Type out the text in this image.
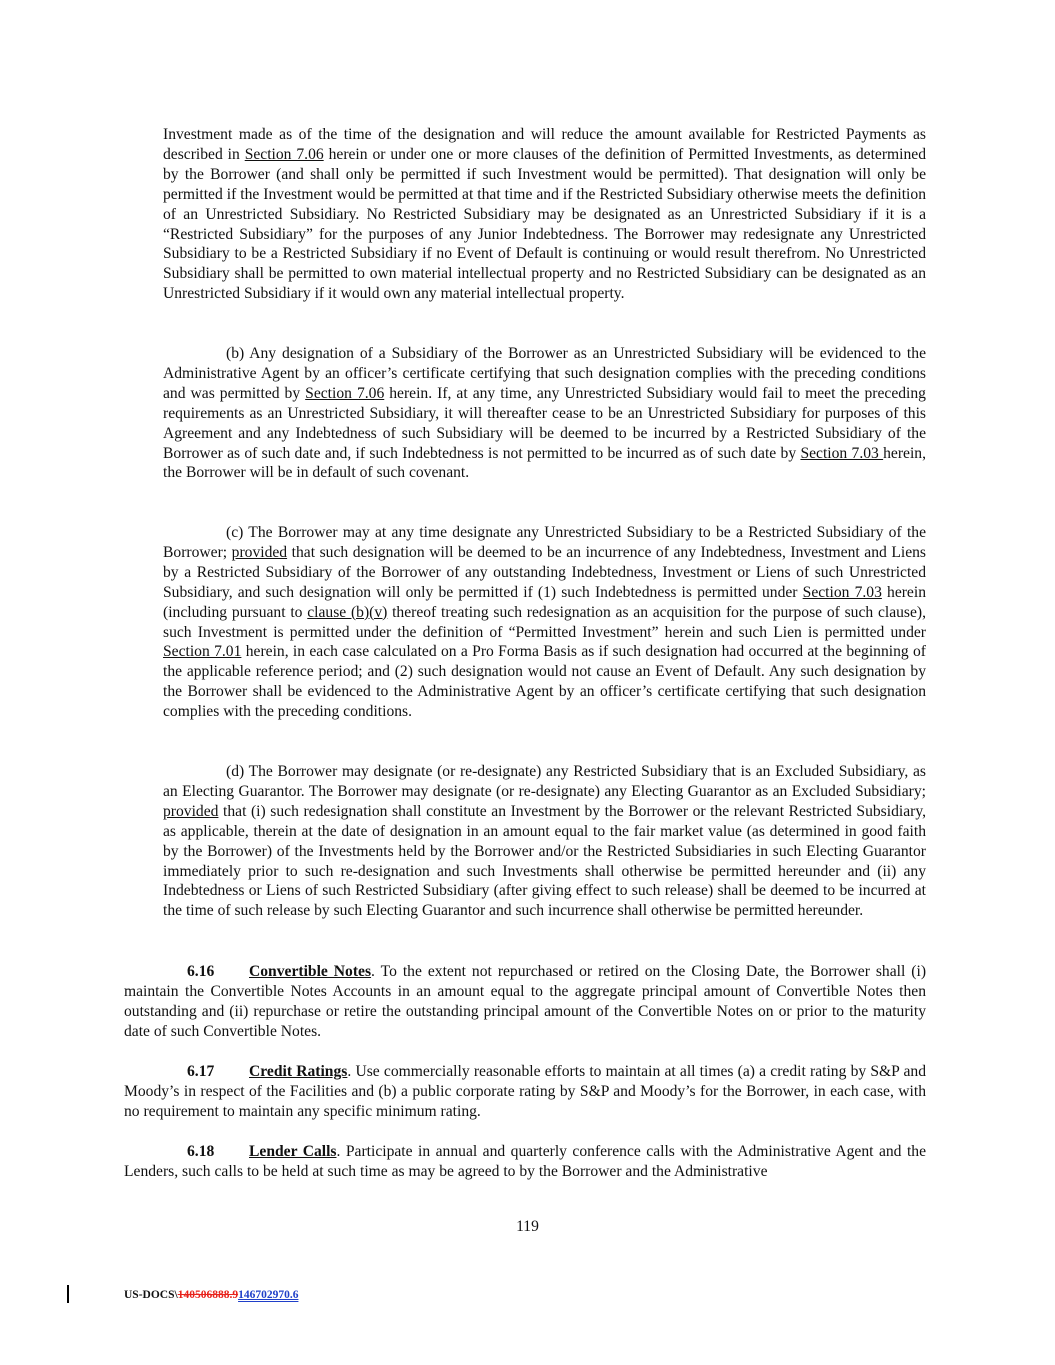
Investment made as of the time of the designation and will reduce the amount available for Restricted Payments as described in Section 7.06 herein or under one or more clauses of the definition of Permitted Investments, as determined by the Borrower (and shall only be permitted if such Investment would be permitted). That designation will only be permitted if the Investment would be permitted at that time and if the Restricted Subsidiary otherwise meets the definition of an Unrestricted Subsidiary. No Restricted Subsidiary may be designated as an Unrestricted Subsidiary if it is a “Restricted Subsidiary” for the purposes of any Junior Indebtedness. The Borrower may redesignate any Unrestricted Subsidiary to be a Restricted Subsidiary if no Event of Default is continuing or would result therefrom. No Unrestricted Subsidiary shall be permitted to own material intellectual property and no Restricted Subsidiary can be designated as an Unrestricted Subsidiary if it would own any material intellectual property.

(b) Any designation of a Subsidiary of the Borrower as an Unrestricted Subsidiary will be evidenced to the Administrative Agent by an officer’s certificate certifying that such designation complies with the preceding conditions and was permitted by Section 7.06 herein. If, at any time, any Unrestricted Subsidiary would fail to meet the preceding requirements as an Unrestricted Subsidiary, it will thereafter cease to be an Unrestricted Subsidiary for purposes of this Agreement and any Indebtedness of such Subsidiary will be deemed to be incurred by a Restricted Subsidiary of the Borrower as of such date and, if such Indebtedness is not permitted to be incurred as of such date by Section 7.03 herein, the Borrower will be in default of such covenant.

(c) The Borrower may at any time designate any Unrestricted Subsidiary to be a Restricted Subsidiary of the Borrower; provided that such designation will be deemed to be an incurrence of any Indebtedness, Investment and Liens by a Restricted Subsidiary of the Borrower of any outstanding Indebtedness, Investment or Liens of such Unrestricted Subsidiary, and such designation will only be permitted if (1) such Indebtedness is permitted under Section 7.03 herein (including pursuant to clause (b)(v) thereof treating such redesignation as an acquisition for the purpose of such clause), such Investment is permitted under the definition of “Permitted Investment” herein and such Lien is permitted under Section 7.01 herein, in each case calculated on a Pro Forma Basis as if such designation had occurred at the beginning of the applicable reference period; and (2) such designation would not cause an Event of Default. Any such designation by the Borrower shall be evidenced to the Administrative Agent by an officer’s certificate certifying that such designation complies with the preceding conditions.

(d) The Borrower may designate (or re-designate) any Restricted Subsidiary that is an Excluded Subsidiary, as an Electing Guarantor. The Borrower may designate (or re-designate) any Electing Guarantor as an Excluded Subsidiary; provided that (i) such redesignation shall constitute an Investment by the Borrower or the relevant Restricted Subsidiary, as applicable, therein at the date of designation in an amount equal to the fair market value (as determined in good faith by the Borrower) of the Investments held by the Borrower and/or the Restricted Subsidiaries in such Electing Guarantor immediately prior to such re-designation and such Investments shall otherwise be permitted hereunder and (ii) any Indebtedness or Liens of such Restricted Subsidiary (after giving effect to such release) shall be deemed to be incurred at the time of such release by such Electing Guarantor and such incurrence shall otherwise be permitted hereunder.

6.16 Convertible Notes. To the extent not repurchased or retired on the Closing Date, the Borrower shall (i) maintain the Convertible Notes Accounts in an amount equal to the aggregate principal amount of Convertible Notes then outstanding and (ii) repurchase or retire the outstanding principal amount of the Convertible Notes on or prior to the maturity date of such Convertible Notes.

6.17 Credit Ratings. Use commercially reasonable efforts to maintain at all times (a) a credit rating by S&P and Moody’s in respect of the Facilities and (b) a public corporate rating by S&P and Moody’s for the Borrower, in each case, with no requirement to maintain any specific minimum rating.

6.18 Lender Calls. Participate in annual and quarterly conference calls with the Administrative Agent and the Lenders, such calls to be held at such time as may be agreed to by the Borrower and the Administrative

119
US-DOCS\140506888.9146702970.6
